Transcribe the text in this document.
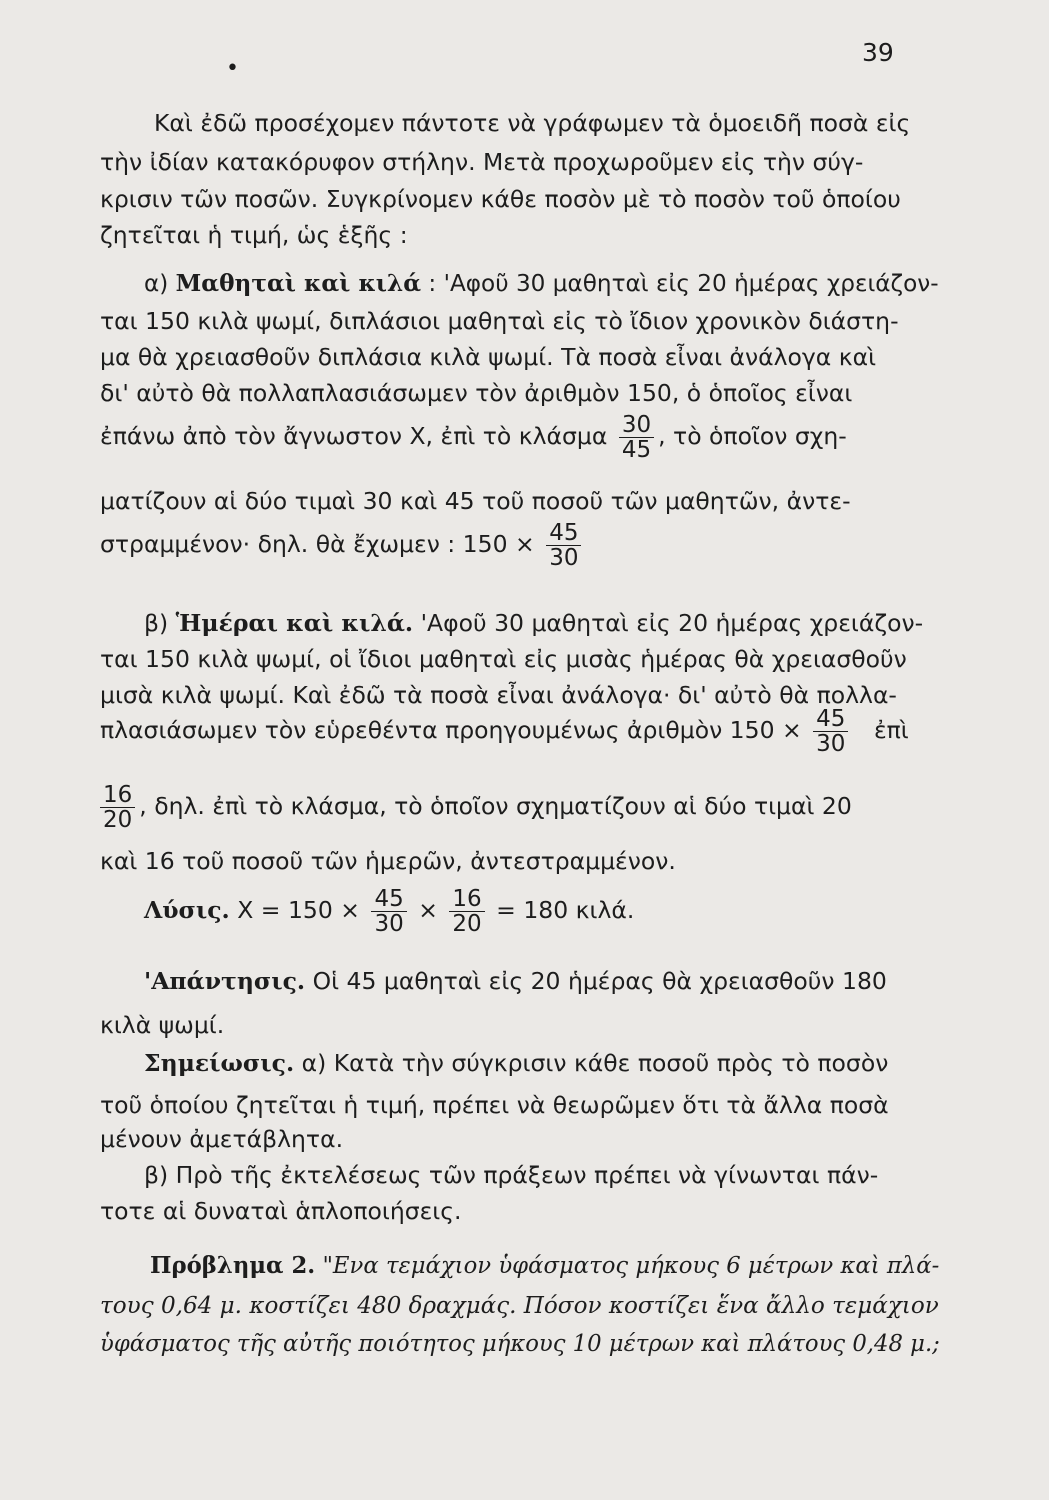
39
•
Καὶ ἐδῶ προσέχομεν πάντοτε νὰ γράφωμεν τὰ ὁμοειδῆ ποσὰ εἰς
τὴν ἰδίαν κατακόρυφον στήλην. Μετὰ προχωροῦμεν εἰς τὴν σύγ-
κρισιν τῶν ποσῶν. Συγκρίνομεν κάθε ποσὸν μὲ τὸ ποσὸν τοῦ ὁποίου
ζητεῖται ἡ τιμή, ὡς ἑξῆς :
α) Μαθηταὶ καὶ κιλά : 'Αφοῦ 30 μαθηταὶ εἰς 20 ἡμέρας χρειάζον-
ται 150 κιλὰ ψωμί, διπλάσιοι μαθηταὶ εἰς τὸ ἴδιον χρονικὸν διάστη-
μα θὰ χρειασθοῦν διπλάσια κιλὰ ψωμί. Τὰ ποσὰ εἶναι ἀνάλογα καὶ
δι' αὐτὸ θὰ πολλαπλασιάσωμεν τὸν ἀριθμὸν 150, ὁ ὁποῖος εἶναι
ἐπάνω ἀπὸ τὸν ἄγνωστον X, ἐπὶ τὸ κλάσμα $\frac{30}{45}$ , τὸ ὁποῖον σχη-
ματίζουν αἱ δύο τιμαὶ 30 καὶ 45 τοῦ ποσοῦ τῶν μαθητῶν, ἀντε-
στραμμένον· δηλ. θὰ ἔχωμεν : $150 \times \frac{45}{30}$
β) Ἡμέραι καὶ κιλά. 'Αφοῦ 30 μαθηταὶ εἰς 20 ἡμέρας χρειάζον-
ται 150 κιλὰ ψωμί, οἱ ἴδιοι μαθηταὶ εἰς μισὰς ἡμέρας θὰ χρειασθοῦν
μισὰ κιλὰ ψωμί. Καὶ ἐδῶ τὰ ποσὰ εἶναι ἀνάλογα· δι' αὐτὸ θὰ πολλα-
πλασιάσωμεν τὸν εὑρεθέντα προηγουμένως ἀριθμὸν $150 \times \frac{45}{30}$ ἐπὶ
$\frac{16}{20}$ , δηλ. ἐπὶ τὸ κλάσμα, τὸ ὁποῖον σχηματίζουν αἱ δύο τιμαὶ 20
καὶ 16 τοῦ ποσοῦ τῶν ἡμερῶν, ἀντεστραμμένον.
Λύσις. $X = 150 \times \frac{45}{30} \times \frac{16}{20} = 180$ κιλά.
'Απάντησις. Οἱ 45 μαθηταὶ εἰς 20 ἡμέρας θὰ χρειασθοῦν 180
κιλὰ ψωμί.
Σημείωσις. α) Κατὰ τὴν σύγκρισιν κάθε ποσοῦ πρὸς τὸ ποσὸν
τοῦ ὁποίου ζητεῖται ἡ τιμή, πρέπει νὰ θεωρῶμεν ὅτι τὰ ἄλλα ποσὰ
μένουν ἀμετάβλητα.
β) Πρὸ τῆς ἐκτελέσεως τῶν πράξεων πρέπει νὰ γίνωνται πάν-
τοτε αἱ δυναταὶ ἁπλοποιήσεις.
Πρόβλημα 2. "Ενα τεμάχιον ὑφάσματος μήκους 6 μέτρων καὶ πλά-
τους 0,64 μ. κοστίζει 480 δραχμάς. Πόσον κοστίζει ἕνα ἄλλο τεμάχιον
ὑφάσματος τῆς αὐτῆς ποιότητος μήκους 10 μέτρων καὶ πλάτους 0,48 μ.;
